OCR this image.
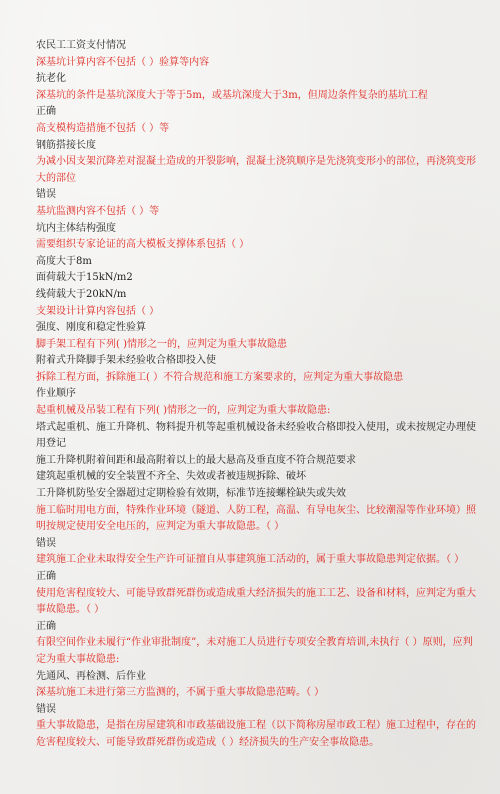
农民工工资支付情况

深基坑计算内容不包括（ ）验算等内容

抗老化

深基坑的条件是基坑深度大于等于5m，或基坑深度大于3m，但周边条件复杂的基坑工程

正确

高支模构造措施不包括（ ）等

钢筋搭接长度

为减小因支架沉降差对混凝土造成的开裂影响，混凝土浇筑顺序是先浇筑变形小的部位，再浇筑变形大的部位

错误

基坑监测内容不包括（ ）等

坑内主体结构强度

需要组织专家论证的高大模板支撑体系包括（ ）

高度大于8m

面荷载大于15kN/m2

线荷载大于20kN/m

支架设计计算内容包括（ ）

强度、刚度和稳定性验算

脚手架工程有下列( )情形之一的，应判定为重大事故隐患

附着式升降脚手架未经验收合格即投入使

拆除工程方面，拆除施工( ）不符合规范和施工方案要求的，应判定为重大事故隐患

作业顺序

起重机械及吊装工程有下列( )情形之一的，应判定为重大事故隐患:

塔式起重机、施工升降机、物料提升机等起重机械设备未经验收合格即投入使用，或未按规定办理使用登记

施工升降机附着间距和最高附着以上的最大悬高及垂直度不符合规范要求

建筑起重机械的安全装置不齐全、失效或者被违规拆除、破坏

工升降机防坠安全器超过定期检验有效期，标准节连接螺栓缺失或失效

施工临时用电方面，特殊作业环境（隧道、人防工程，高温、有导电灰尘、比较潮湿等作业环境）照明按规定使用安全电压的，应判定为重大事故隐患。（ ）

错误

建筑施工企业未取得安全生产许可证擅自从事建筑施工活动的，属于重大事故隐患判定依据。（ ）

正确

使用危害程度较大、可能导致群死群伤或造成重大经济损失的施工工艺、设备和材料，应判定为重大事故隐患。（ ）

正确

有限空间作业未履行“作业审批制度”，未对施工人员进行专项安全教育培训,未执行（ ）原则，应判定为重大事故隐患:

先通风、再检测、后作业

深基坑施工未进行第三方监测的，不属于重大事故隐患范畴。（ ）

错误

重大事故隐患，是指在房屋建筑和市政基础设施工程（以下简称房屋市政工程）施工过程中，存在的危害程度较大、可能导致群死群伤或造成（ ）经济损失的生产安全事故隐患。
